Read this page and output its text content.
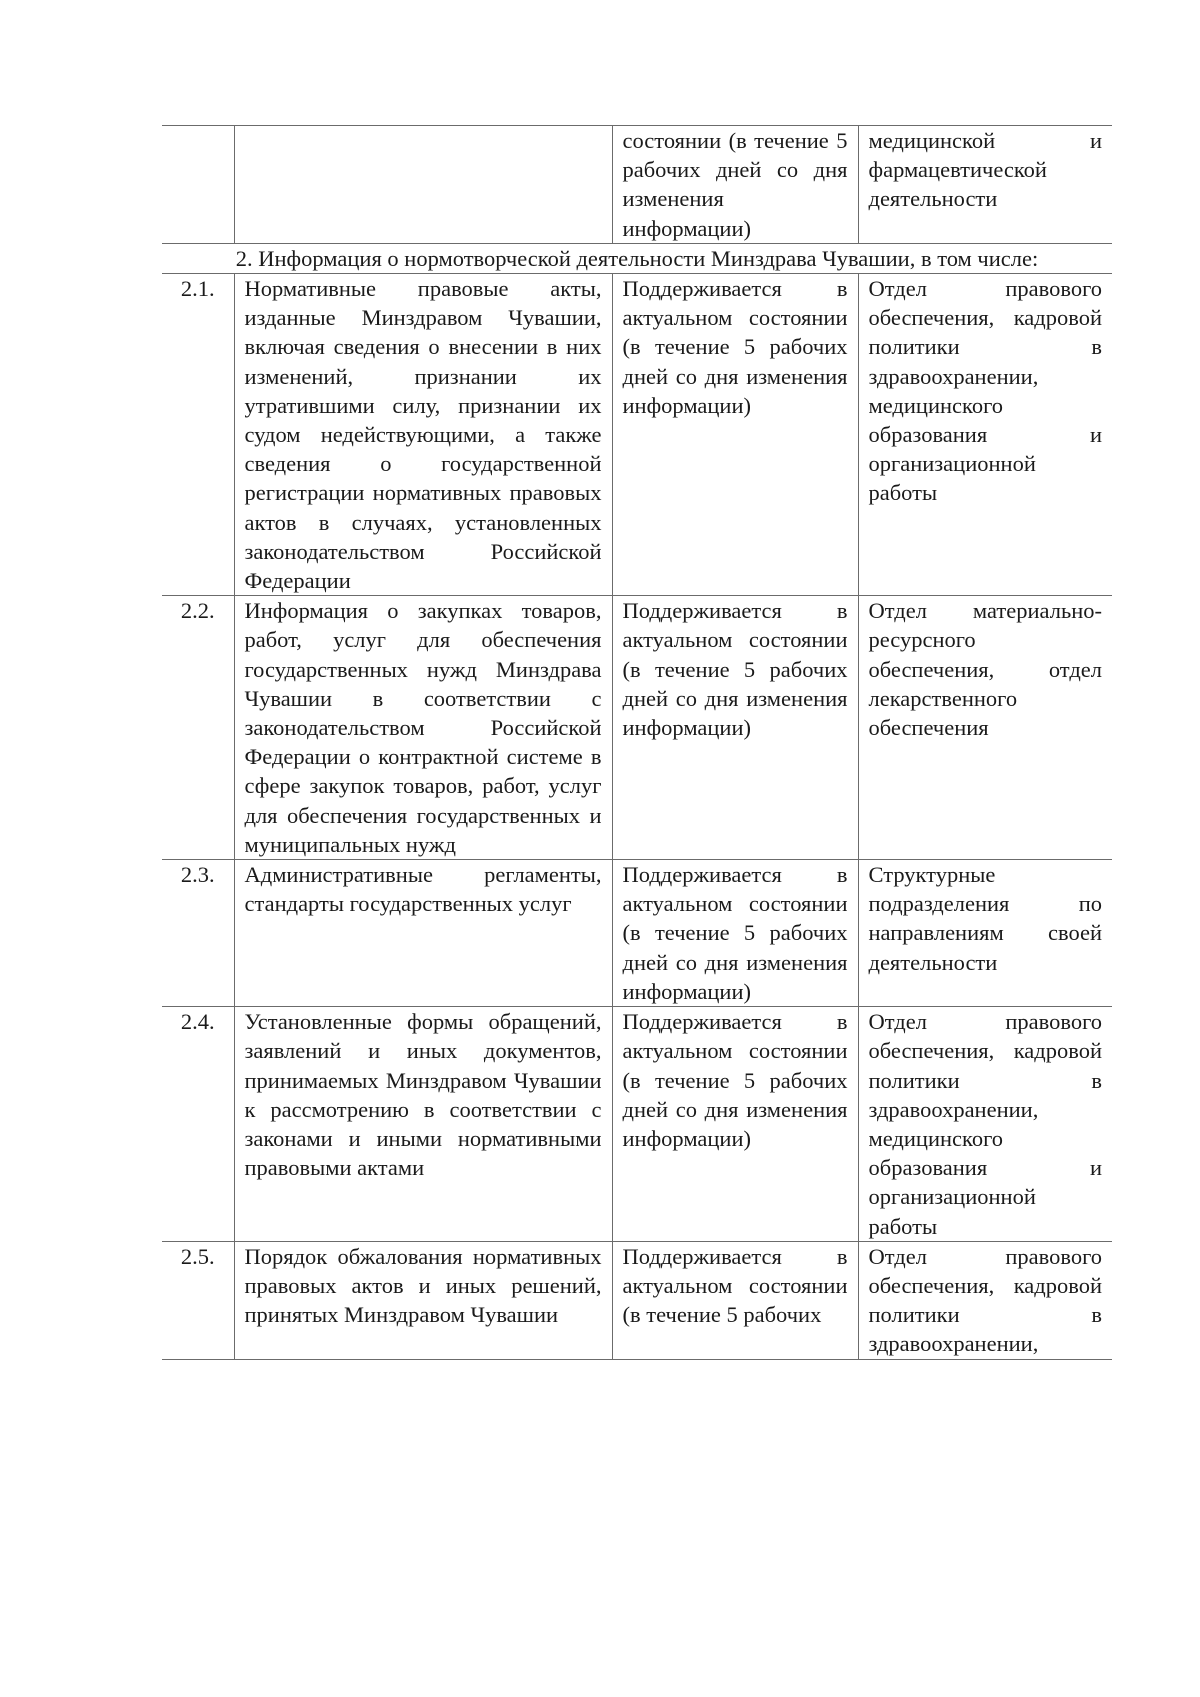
		состоянии (в течение 5 рабочих дней со дня изменения информации)	медицинской и фармацевтической деятельности
2. Информация о нормотворческой деятельности Минздрава Чувашии, в том числе:			
2.1.	Нормативные правовые акты, изданные Минздравом Чувашии, включая сведения о внесении в них изменений, признании их утратившими силу, признании их судом недействующими, а также сведения о государственной регистрации нормативных правовых актов в случаях, установленных законодательством Российской Федерации	Поддерживается в актуальном состоянии (в течение 5 рабочих дней со дня изменения информации)	Отдел правового обеспечения, кадровой политики в здравоохранении, медицинского образования и организационной работы
2.2.	Информация о закупках товаров, работ, услуг для обеспечения государственных нужд Минздрава Чувашии в соответствии с законодательством Российской Федерации о контрактной системе в сфере закупок товаров, работ, услуг для обеспечения государственных и муниципальных нужд	Поддерживается в актуальном состоянии (в течение 5 рабочих дней со дня изменения информации)	Отдел материально-ресурсного обеспечения, отдел лекарственного обеспечения
2.3.	Административные регламенты, стандарты государственных услуг	Поддерживается в актуальном состоянии (в течение 5 рабочих дней со дня изменения информации)	Структурные подразделения по направлениям своей деятельности
2.4.	Установленные формы обращений, заявлений и иных документов, принимаемых Минздравом Чувашии к рассмотрению в соответствии с законами и иными нормативными правовыми актами	Поддерживается в актуальном состоянии (в течение 5 рабочих дней со дня изменения информации)	Отдел правового обеспечения, кадровой политики в здравоохранении, медицинского образования и организационной работы
2.5.	Порядок обжалования нормативных правовых актов и иных решений, принятых Минздравом Чувашии	Поддерживается в актуальном состоянии (в течение 5 рабочих	Отдел правового обеспечения, кадровой политики в здравоохранении,
